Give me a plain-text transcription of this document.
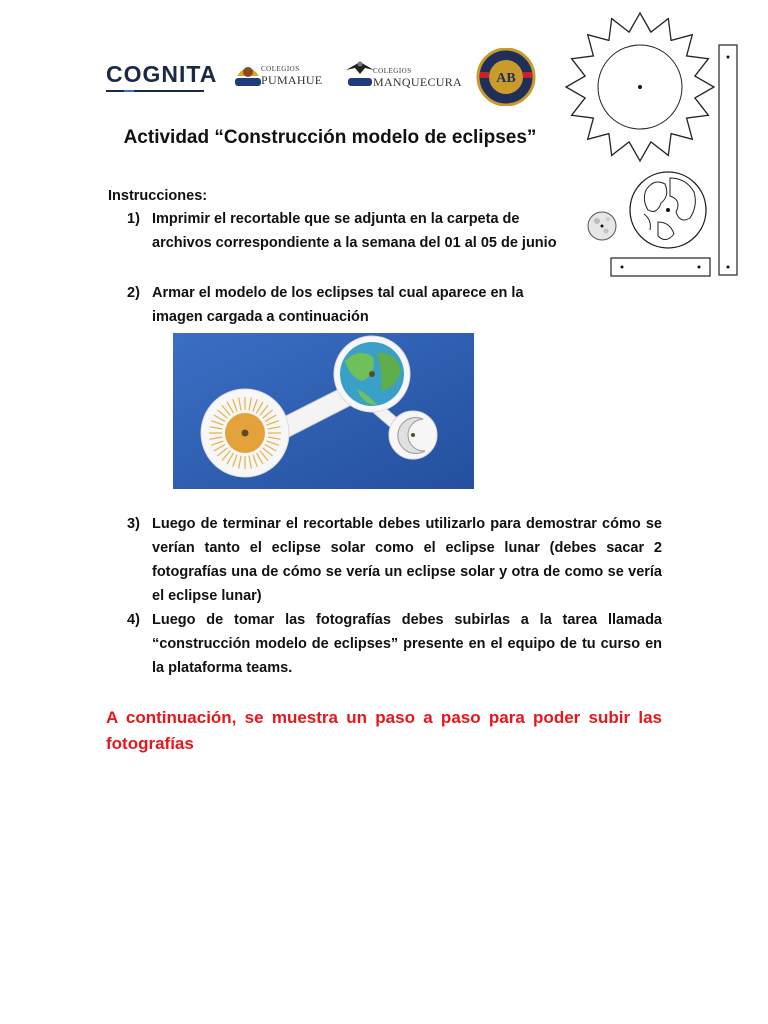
COGNITA	COLEGIOS
PUMAHUE
COLEGIOS
MANQUECURA AB
Actividad “Construcción modelo de eclipses”
Instrucciones:
1) Imprimir el recortable que se adjunta en la carpeta de archivos correspondiente a la semana del 01 al 05 de junio
2) Armar el modelo de los eclipses tal cual aparece en la imagen cargada a continuación
3) Luego de terminar el recortable debes utilizarlo para demostrar cómo se verían tanto el eclipse solar como el eclipse lunar (debes sacar 2 fotografías una de cómo se vería un eclipse solar y otra de como se vería el eclipse lunar)
4) Luego de tomar las fotografías debes subirlas a la tarea llamada “construcción modelo de eclipses” presente en el equipo de tu curso en la plataforma teams.
A continuación, se muestra un paso a paso para poder subir las fotografías
